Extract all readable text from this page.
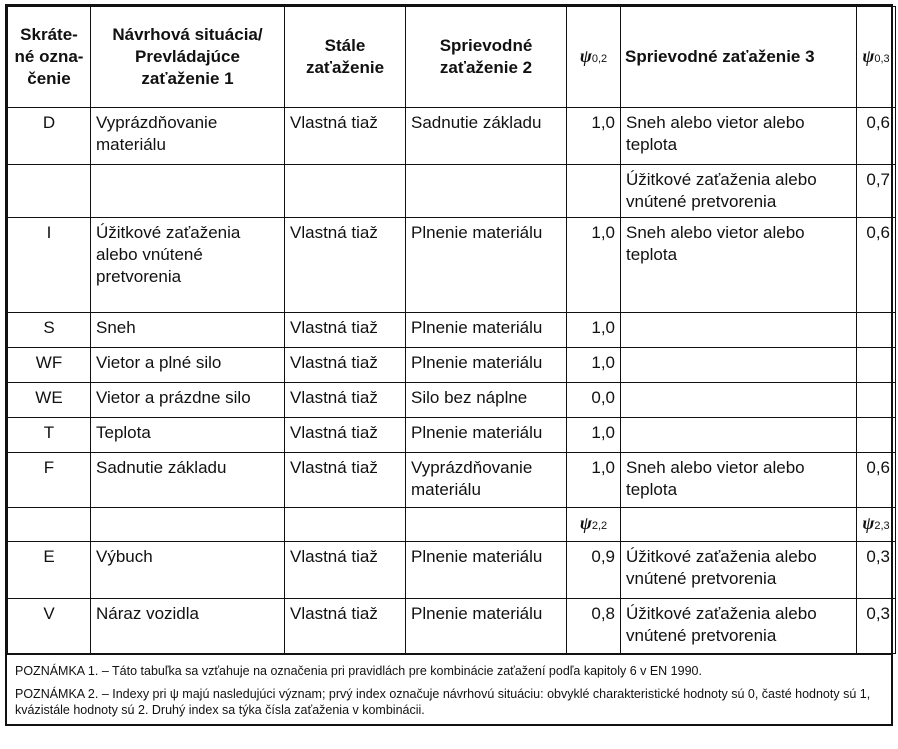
Skráte-né ozna-čenie	Návrhová situácia/ Prevládajúce zaťaženie 1	Stále zaťaženie	Sprievodné zaťaženie 2	ψ0,2	Sprievodné zaťaženie 3	ψ0,3
D	Vyprázdňovanie materiálu	Vlastná tiaž	Sadnutie základu	1,0	Sneh alebo vietor alebo teplota	0,6
					Úžitkové zaťaženia alebo vnútené pretvorenia	0,7
I	Úžitkové zaťaženia alebo vnútené pretvorenia	Vlastná tiaž	Plnenie materiálu	1,0	Sneh alebo vietor alebo teplota	0,6
S	Sneh	Vlastná tiaž	Plnenie materiálu	1,0		
WF	Vietor a plné silo	Vlastná tiaž	Plnenie materiálu	1,0		
WE	Vietor a prázdne silo	Vlastná tiaž	Silo bez náplne	0,0		
T	Teplota	Vlastná tiaž	Plnenie materiálu	1,0		
F	Sadnutie základu	Vlastná tiaž	Vyprázdňovanie materiálu	1,0	Sneh alebo vietor alebo teplota	0,6
				ψ2,2		ψ2,3
E	Výbuch	Vlastná tiaž	Plnenie materiálu	0,9	Úžitkové zaťaženia alebo vnútené pretvorenia	0,3
V	Náraz vozidla	Vlastná tiaž	Plnenie materiálu	0,8	Úžitkové zaťaženia alebo vnútené pretvorenia	0,3

POZNÁMKA 1. – Táto tabuľka sa vzťahuje na označenia pri pravidlách pre kombinácie zaťažení podľa kapitoly 6 v EN 1990.

POZNÁMKA 2. – Indexy pri ψ majú nasledujúci význam; prvý index označuje návrhovú situáciu: obvyklé charakteristické hodnoty sú 0, časté hodnoty sú 1, kvázistále hodnoty sú 2. Druhý index sa týka čísla zaťaženia v kombinácii.
